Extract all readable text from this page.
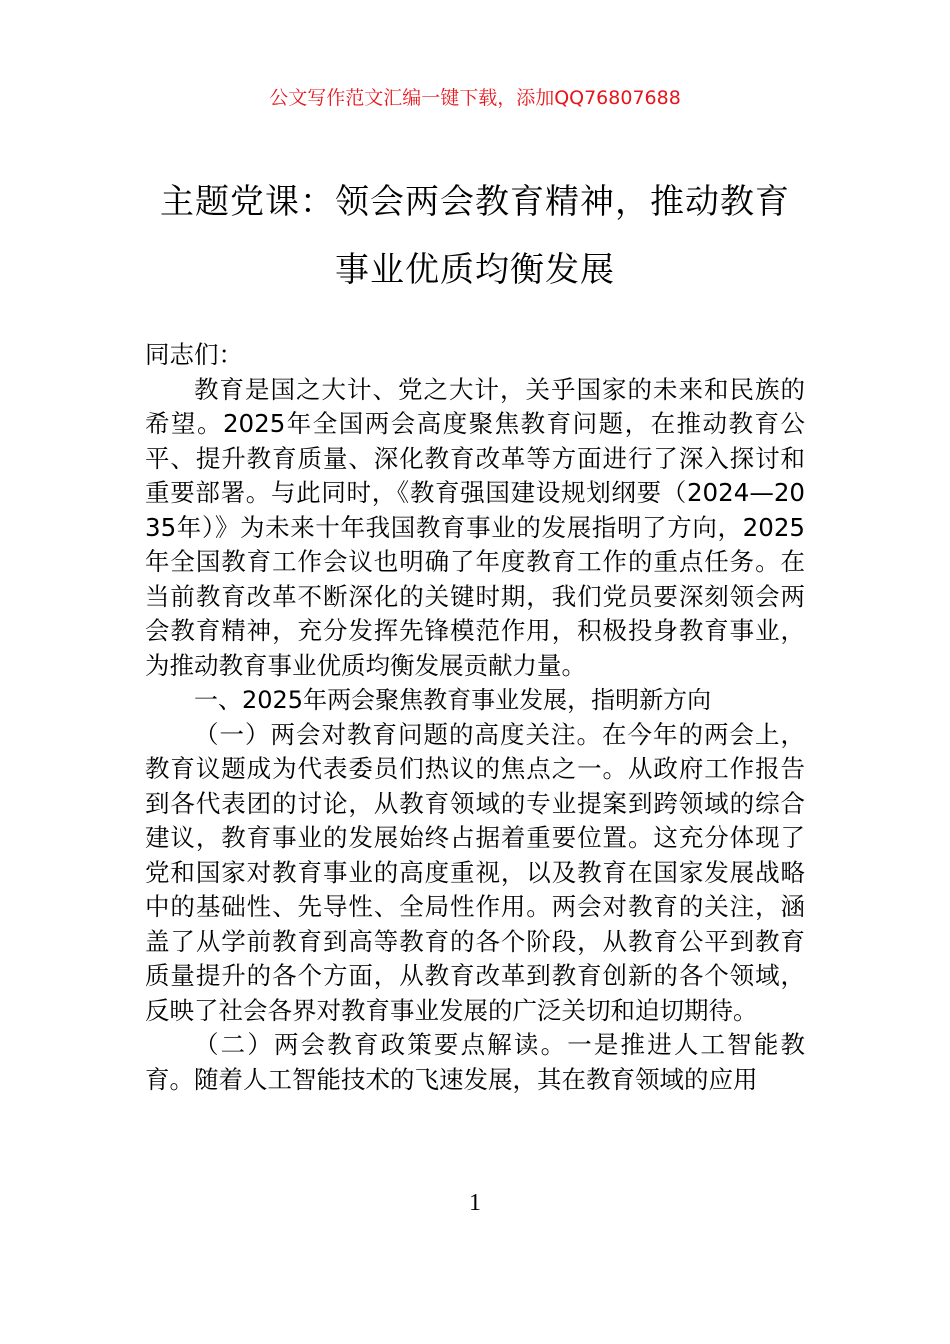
公文写作范文汇编一键下载，添加QQ76807688
主题党课：领会两会教育精神，推动教育
事业优质均衡发展

同志们：

教育是国之大计、党之大计，关乎国家的未来和民族的希望。2025年全国两会高度聚焦教育问题，在推动教育公平、提升教育质量、深化教育改革等方面进行了深入探讨和重要部署。与此同时，《教育强国建设规划纲要（2024—2035年）》为未来十年我国教育事业的发展指明了方向，2025年全国教育工作会议也明确了年度教育工作的重点任务。在当前教育改革不断深化的关键时期，我们党员要深刻领会两会教育精神，充分发挥先锋模范作用，积极投身教育事业，为推动教育事业优质均衡发展贡献力量。

一、2025年两会聚焦教育事业发展，指明新方向

（一）两会对教育问题的高度关注。在今年的两会上，教育议题成为代表委员们热议的焦点之一。从政府工作报告到各代表团的讨论，从教育领域的专业提案到跨领域的综合建议，教育事业的发展始终占据着重要位置。这充分体现了党和国家对教育事业的高度重视，以及教育在国家发展战略中的基础性、先导性、全局性作用。两会对教育的关注，涵盖了从学前教育到高等教育的各个阶段，从教育公平到教育质量提升的各个方面，从教育改革到教育创新的各个领域，反映了社会各界对教育事业发展的广泛关切和迫切期待。

（二）两会教育政策要点解读。一是推进人工智能教育。随着人工智能技术的飞速发展，其在教育领域的应用

1
